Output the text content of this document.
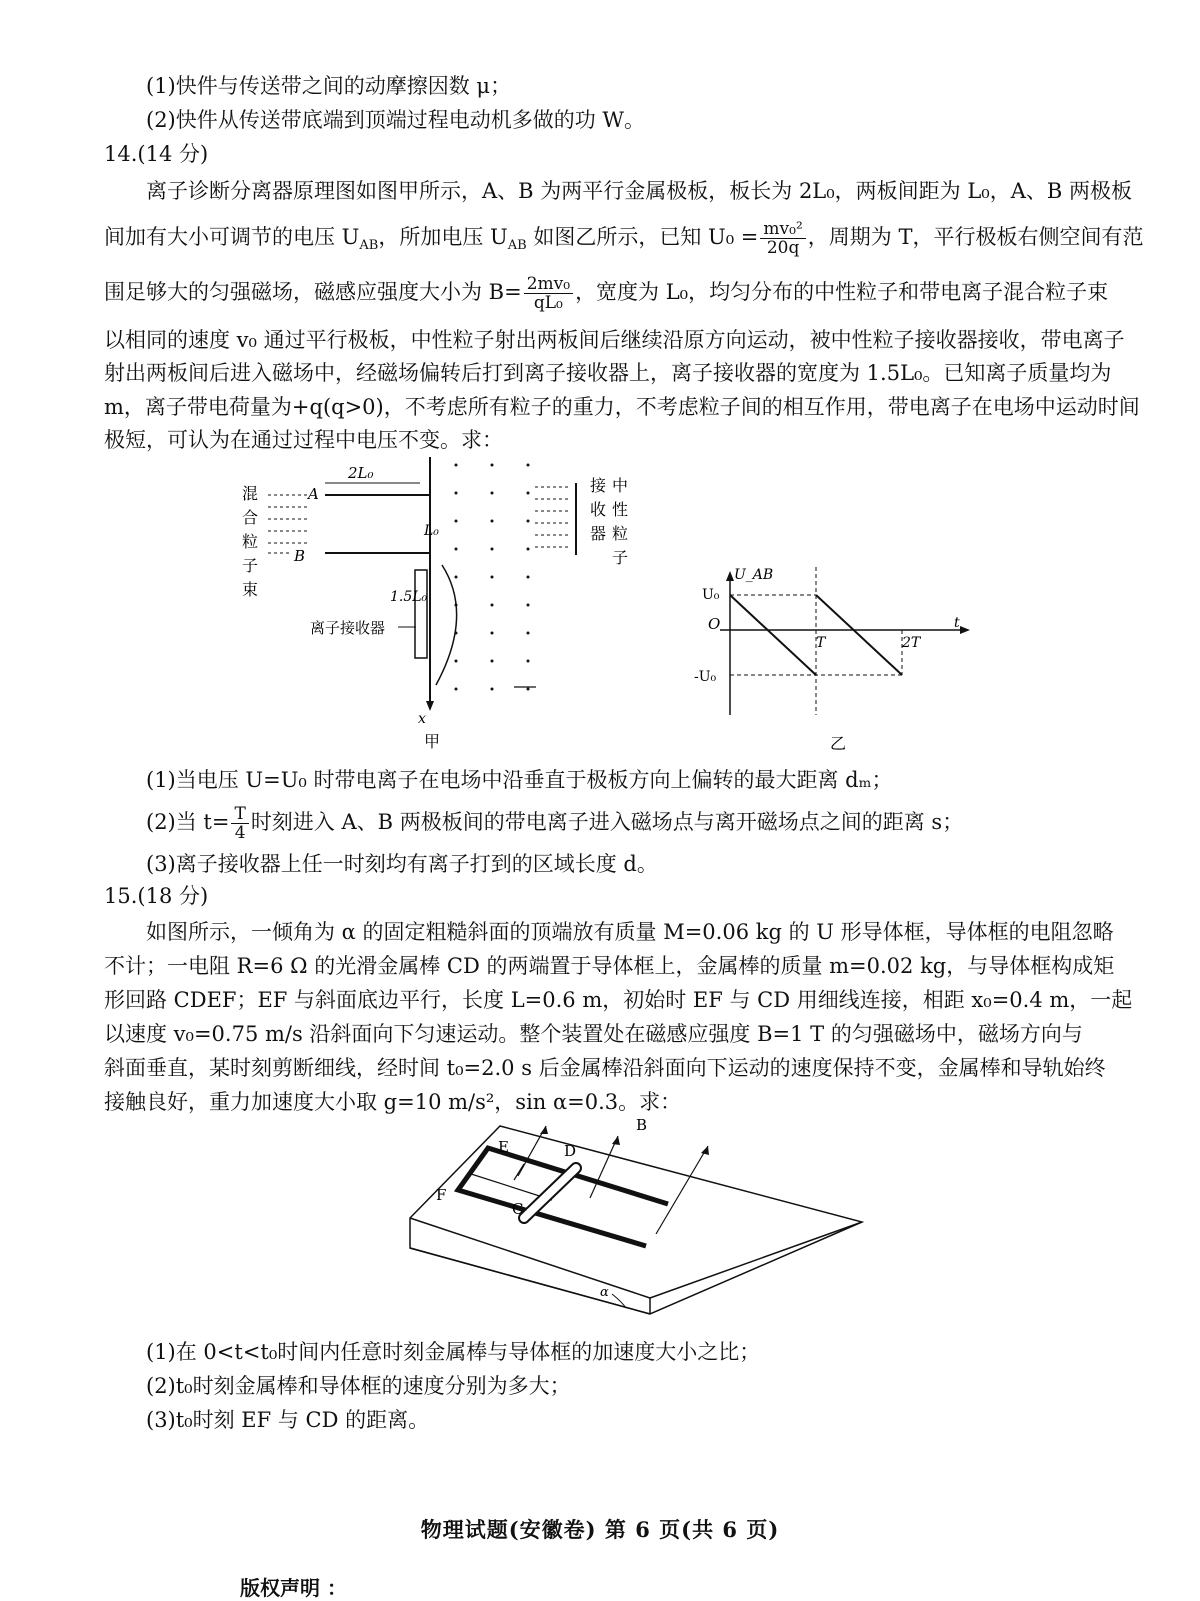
(1)快件与传送带之间的动摩擦因数 μ；
(2)快件从传送带底端到顶端过程电动机多做的功 W。
14.(14 分)
离子诊断分离器原理图如图甲所示，A、B 为两平行金属极板，板长为 2L₀，两板间距为 L₀，A、B 两极板
间加有大小可调节的电压 $U_{AB}$，所加电压 $U_{AB}$ 如图乙所示，已知 $U_0 = \frac{\text{mv₀²}}{20q}$ ，周期为 T，平行极板右侧空间有范
围足够大的匀强磁场，磁感应强度大小为 $B= \frac{\text{2mv₀}}{\text{qL₀}}$ ，宽度为 L₀，均匀分布的中性粒子和带电离子混合粒子束
以相同的速度 v₀ 通过平行极板，中性粒子射出两板间后继续沿原方向运动，被中性粒子接收器接收，带电离子
射出两板间后进入磁场中，经磁场偏转后打到离子接收器上，离子接收器的宽度为 1.5L₀。已知离子质量均为
m，离子带电荷量为+q(q>0)，不考虑所有粒子的重力，不考虑粒子间的相互作用，带电离子在电场中运动时间
极短，可认为在通过过程中电压不变。求：
2L₀
A
B
L₀
混
合
粒
子
束	1.5L₀
离子接收器
x
接
收
器
中
性
粒
子
甲
U_AB
U₀
O
-U₀
T	2T
t
乙
(1)当电压 U=U₀ 时带电离子在电场中沿垂直于极板方向上偏转的最大距离 dₘ；
(2)当 $t= \frac{T}{4}$ 时刻进入 A、B 两极板间的带电离子进入磁场点与离开磁场点之间的距离 s；
(3)离子接收器上任一时刻均有离子打到的区域长度 d。
15.(18 分)
如图所示，一倾角为 α 的固定粗糙斜面的顶端放有质量 M=0.06 kg 的 U 形导体框，导体框的电阻忽略
不计；一电阻 R=6 Ω 的光滑金属棒 CD 的两端置于导体框上，金属棒的质量 m=0.02 kg，与导体框构成矩
形回路 CDEF；EF 与斜面底边平行，长度 L=0.6 m，初始时 EF 与 CD 用细线连接，相距 x₀=0.4 m，一起
以速度 v₀=0.75 m/s 沿斜面向下匀速运动。整个装置处在磁感应强度 B=1 T 的匀强磁场中，磁场方向与
斜面垂直，某时刻剪断细线，经时间 t₀=2.0 s 后金属棒沿斜面向下运动的速度保持不变，金属棒和导轨始终
接触良好，重力加速度大小取 g=10 m/s²，sin α=0.3。求：
α
E	D
F
C
B
(1)在 0<t<t₀时间内任意时刻金属棒与导体框的加速度大小之比；
(2)t₀时刻金属棒和导体框的速度分别为多大；
(3)t₀时刻 EF 与 CD 的距离。
物理试题(安徽卷) 第 6 页(共 6 页)
版权声明 ：
